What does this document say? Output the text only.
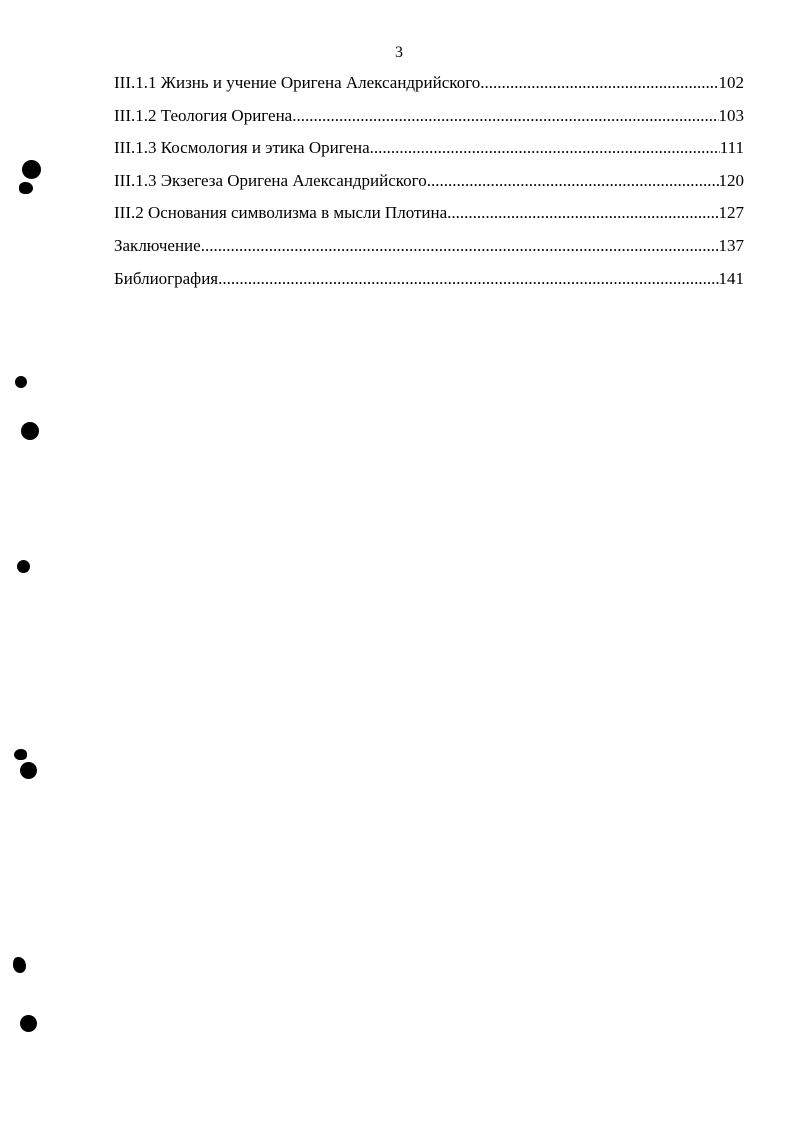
3
III.1.1 Жизнь и учение Оригена Александрийского .....	102
III.1.2 Теология Оригена .....	103
III.1.3 Космология и этика Оригена .....	111
III.1.3 Экзегеза Оригена Александрийского .....	120
III.2 Основания символизма в мысли Плотина .....	127
Заключение .....	137
Библиография .....	141
